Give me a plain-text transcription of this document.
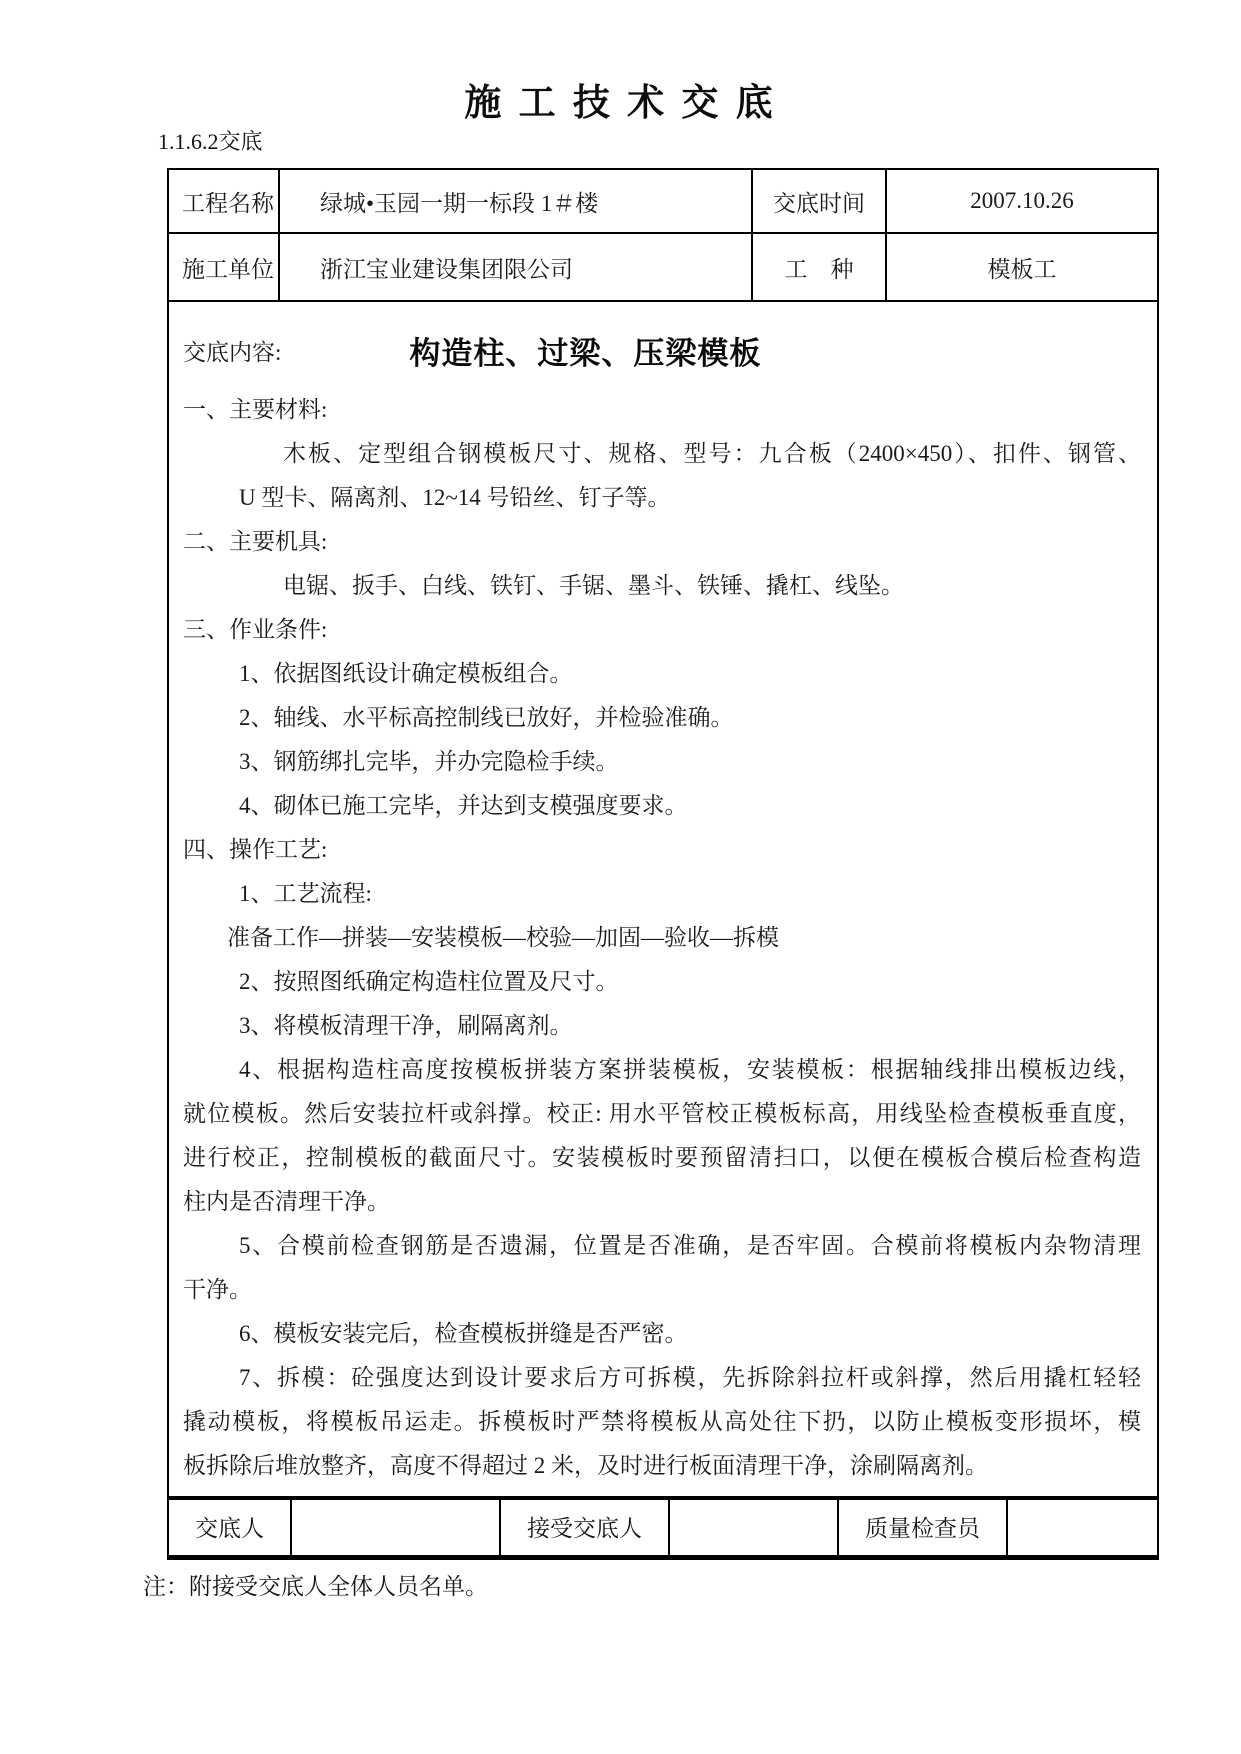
施 工 技 术 交 底
1.1.6.2交底
工程名称	绿城•玉园一期一标段 1＃楼	交底时间	2007.10.26
施工单位	浙江宝业建设集团限公司	工　种	模板工

交底内容:	构造柱、过梁、压梁模板
一、主要材料:
木板、定型组合钢模板尺寸、规格、型号：九合板（2400×450）、扣件、钢管、
U 型卡、隔离剂、12~14 号铅丝、钉子等。
二、主要机具:
电锯、扳手、白线、铁钉、手锯、墨斗、铁锤、撬杠、线坠。
三、作业条件:
1、依据图纸设计确定模板组合。
2、轴线、水平标高控制线已放好，并检验准确。
3、钢筋绑扎完毕，并办完隐检手续。
4、砌体已施工完毕，并达到支模强度要求。
四、操作工艺:
1、工艺流程:
准备工作—拼装—安装模板—校验—加固—验收—拆模
2、按照图纸确定构造柱位置及尺寸。
3、将模板清理干净，刷隔离剂。
4、根据构造柱高度按模板拼装方案拼装模板，安装模板：根据轴线排出模板边线，
就位模板。然后安装拉杆或斜撑。校正: 用水平管校正模板标高，用线坠检查模板垂直度，
进行校正，控制模板的截面尺寸。安装模板时要预留清扫口，以便在模板合模后检查构造
柱内是否清理干净。
5、合模前检查钢筋是否遗漏，位置是否准确，是否牢固。合模前将模板内杂物清理
干净。
6、模板安装完后，检查模板拼缝是否严密。
7、拆模：砼强度达到设计要求后方可拆模，先拆除斜拉杆或斜撑，然后用撬杠轻轻
撬动模板，将模板吊运走。拆模板时严禁将模板从高处往下扔，以防止模板变形损坏，模
板拆除后堆放整齐，高度不得超过 2 米，及时进行板面清理干净，涂刷隔离剂。
交底人		接受交底人		质量检查员	
注：附接受交底人全体人员名单。
